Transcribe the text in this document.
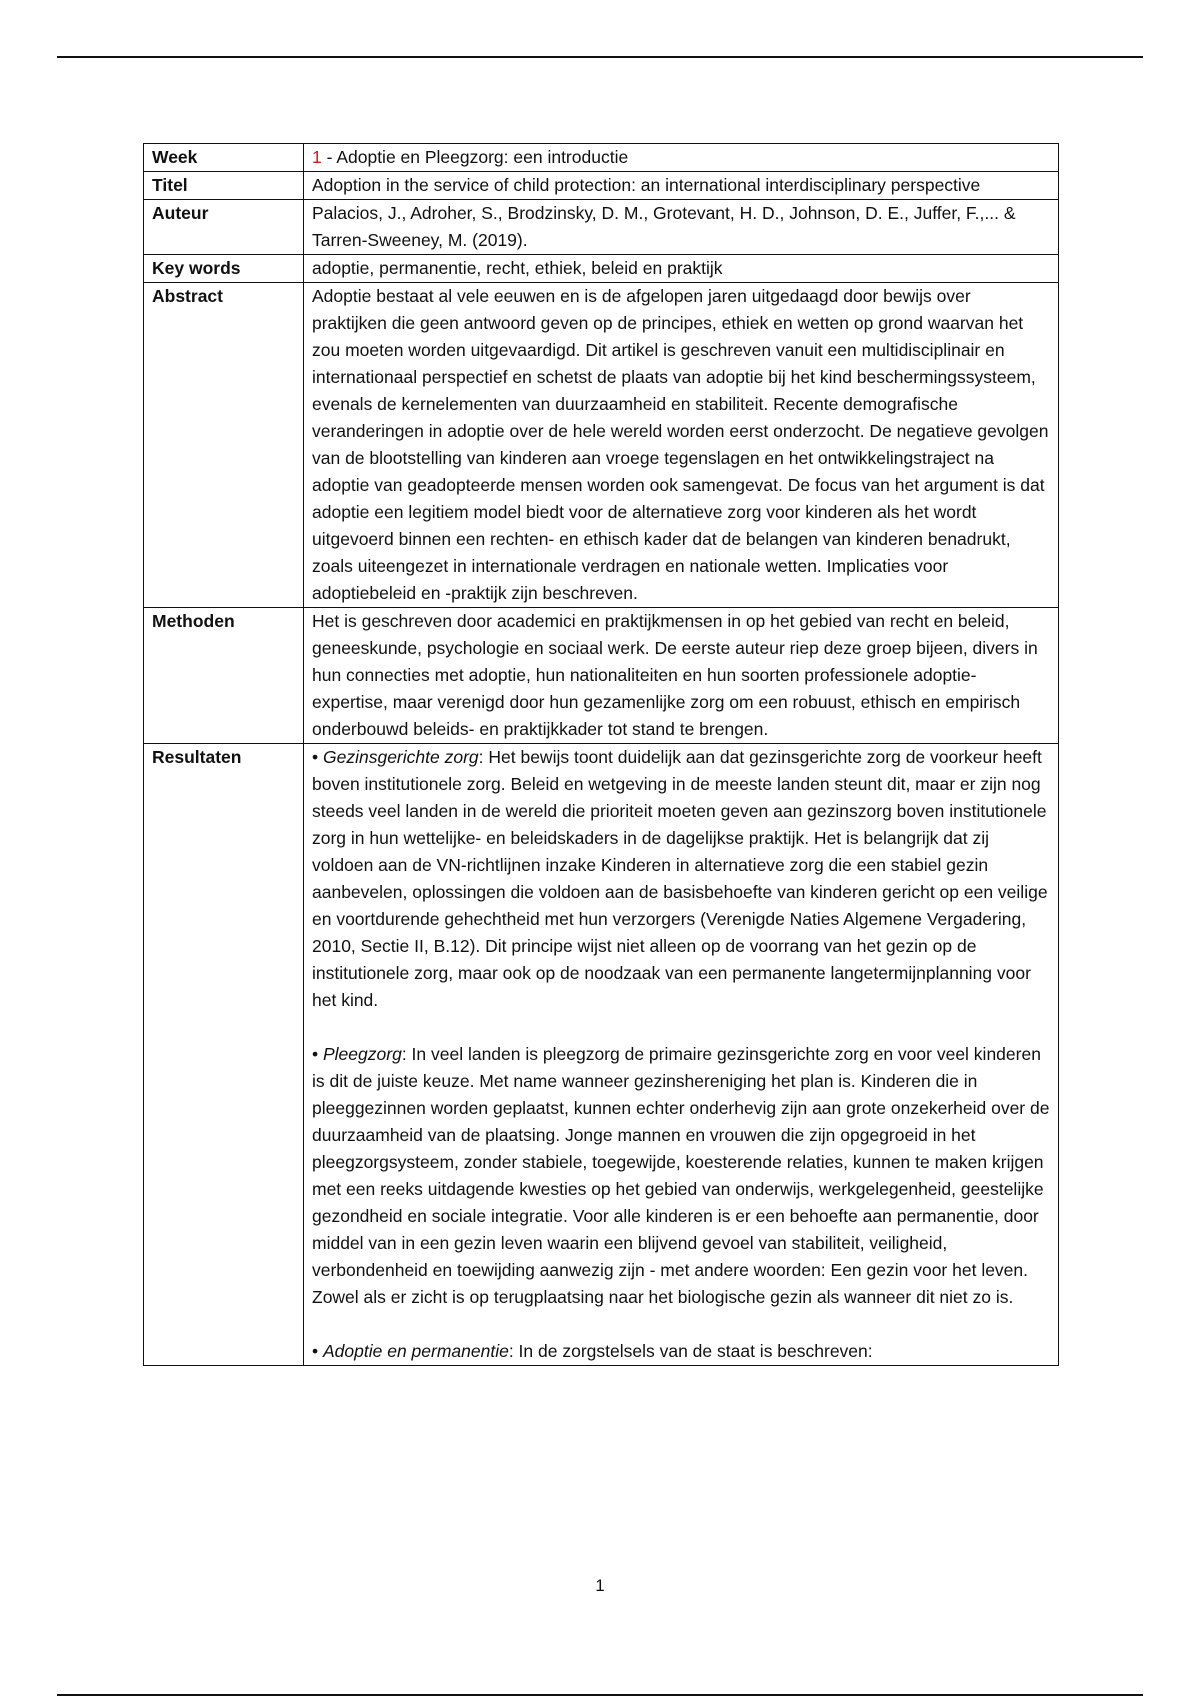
Week	1 - Adoptie en Pleegzorg: een introductie
Titel	Adoption in the service of child protection: an international interdisciplinary perspective
Auteur	Palacios, J., Adroher, S., Brodzinsky, D. M., Grotevant, H. D., Johnson, D. E., Juffer, F.,... & Tarren-Sweeney, M. (2019).
Key words	adoptie, permanentie, recht, ethiek, beleid en praktijk
Abstract	Adoptie bestaat al vele eeuwen en is de afgelopen jaren uitgedaagd door bewijs over praktijken die geen antwoord geven op de principes, ethiek en wetten op grond waarvan het zou moeten worden uitgevaardigd. Dit artikel is geschreven vanuit een multidisciplinair en internationaal perspectief en schetst de plaats van adoptie bij het kind beschermingssysteem, evenals de kernelementen van duurzaamheid en stabiliteit. Recente demografische veranderingen in adoptie over de hele wereld worden eerst onderzocht. De negatieve gevolgen van de blootstelling van kinderen aan vroege tegenslagen en het ontwikkelingstraject na adoptie van geadopteerde mensen worden ook samengevat. De focus van het argument is dat adoptie een legitiem model biedt voor de alternatieve zorg voor kinderen als het wordt uitgevoerd binnen een rechten- en ethisch kader dat de belangen van kinderen benadrukt, zoals uiteengezet in internationale verdragen en nationale wetten. Implicaties voor adoptiebeleid en -praktijk zijn beschreven.
Methoden	Het is geschreven door academici en praktijkmensen in op het gebied van recht en beleid, geneeskunde, psychologie en sociaal werk. De eerste auteur riep deze groep bijeen, divers in hun connecties met adoptie, hun nationaliteiten en hun soorten professionele adoptie-expertise, maar verenigd door hun gezamenlijke zorg om een robuust, ethisch en empirisch onderbouwd beleids- en praktijkkader tot stand te brengen.
Resultaten	• Gezinsgerichte zorg: Het bewijs toont duidelijk aan dat gezinsgerichte zorg de voorkeur heeft boven institutionele zorg. Beleid en wetgeving in de meeste landen steunt dit, maar er zijn nog steeds veel landen in de wereld die prioriteit moeten geven aan gezinszorg boven institutionele zorg in hun wettelijke- en beleidskaders in de dagelijkse praktijk. Het is belangrijk dat zij voldoen aan de VN-richtlijnen inzake Kinderen in alternatieve zorg die een stabiel gezin aanbevelen, oplossingen die voldoen aan de basisbehoefte van kinderen gericht op een veilige en voortdurende gehechtheid met hun verzorgers (Verenigde Naties Algemene Vergadering, 2010, Sectie II, B.12). Dit principe wijst niet alleen op de voorrang van het gezin op de institutionele zorg, maar ook op de noodzaak van een permanente langetermijnplanning voor het kind.

• Pleegzorg: In veel landen is pleegzorg de primaire gezinsgerichte zorg en voor veel kinderen is dit de juiste keuze. Met name wanneer gezinshereniging het plan is. Kinderen die in pleeggezinnen worden geplaatst, kunnen echter onderhevig zijn aan grote onzekerheid over de duurzaamheid van de plaatsing. Jonge mannen en vrouwen die zijn opgegroeid in het pleegzorgsysteem, zonder stabiele, toegewijde, koesterende relaties, kunnen te maken krijgen met een reeks uitdagende kwesties op het gebied van onderwijs, werkgelegenheid, geestelijke gezondheid en sociale integratie. Voor alle kinderen is er een behoefte aan permanentie, door middel van in een gezin leven waarin een blijvend gevoel van stabiliteit, veiligheid, verbondenheid en toewijding aanwezig zijn - met andere woorden: Een gezin voor het leven. Zowel als er zicht is op terugplaatsing naar het biologische gezin als wanneer dit niet zo is.

• Adoptie en permanentie: In de zorgstelsels van de staat is beschreven:

1
